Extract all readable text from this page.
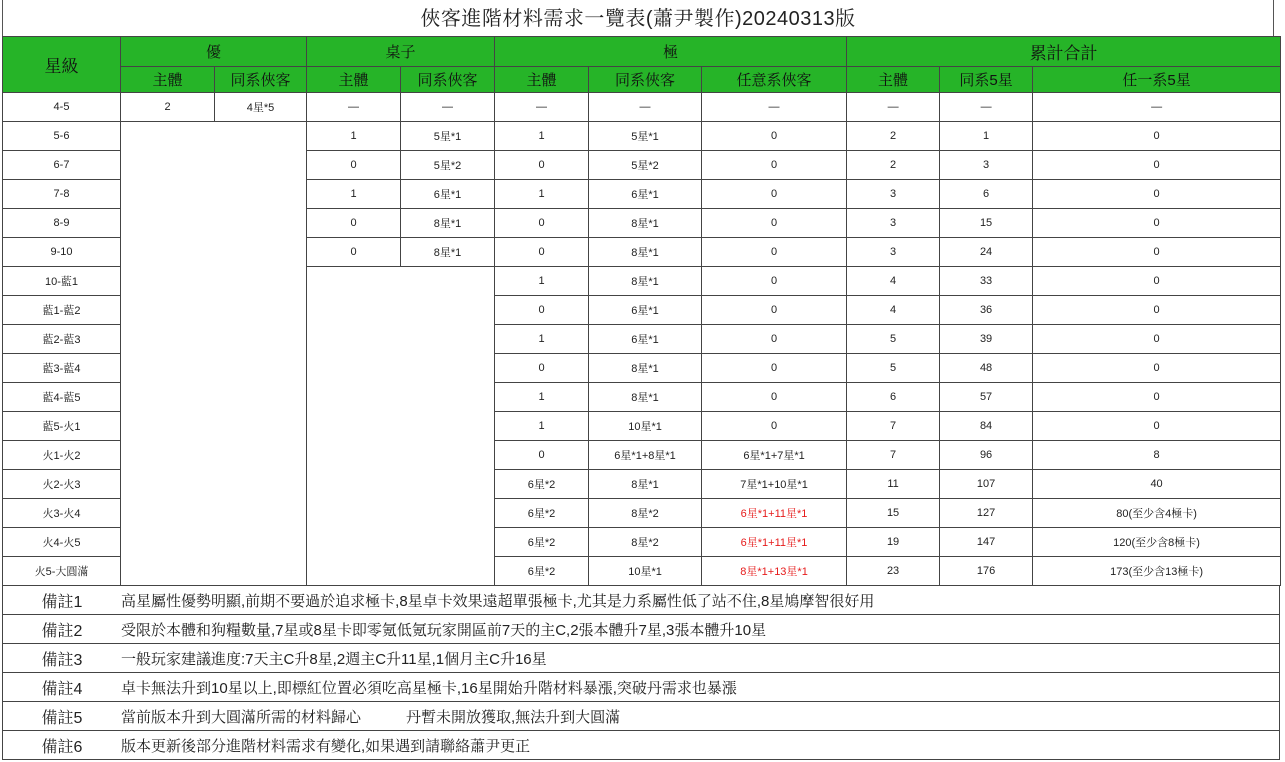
俠客進階材料需求一覽表(蕭尹製作)20240313版
星級	優		桌子		極			累計合計		
	主體	同系俠客	主體	同系俠客	主體	同系俠客	任意系俠客	主體	同系5星	任一系5星
4-5	2	4星*5	—	—	—	—	—	—	—	—
5-6			1	5星*1	1	5星*1	0	2	1	0
6-7			0	5星*2	0	5星*2	0	2	3	0
7-8			1	6星*1	1	6星*1	0	3	6	0
8-9			0	8星*1	0	8星*1	0	3	15	0
9-10			0	8星*1	0	8星*1	0	3	24	0
10-藍1					1	8星*1	0	4	33	0
藍1-藍2					0	6星*1	0	4	36	0
藍2-藍3					1	6星*1	0	5	39	0
藍3-藍4					0	8星*1	0	5	48	0
藍4-藍5					1	8星*1	0	6	57	0
藍5-火1					1	10星*1	0	7	84	0
火1-火2					0	6星*1+8星*1	6星*1+7星*1	7	96	8
火2-火3					6星*2	8星*1	7星*1+10星*1	11	107	40
火3-火4					6星*2	8星*2	6星*1+11星*1	15	127	80(至少含4極卡)
火4-火5					6星*2	8星*2	6星*1+11星*1	19	147	120(至少含8極卡)
火5-大圓滿					6星*2	10星*1	8星*1+13星*1	23	176	173(至少含13極卡)
備註1	高星屬性優勢明顯,前期不要過於追求極卡,8星卓卡效果遠超單張極卡,尤其是力系屬性低了站不住,8星鳩摩智很好用
備註2	受限於本體和狗糧數量,7星或8星卡即零氪低氪玩家開區前7天的主C,2張本體升7星,3張本體升10星
備註3	一般玩家建議進度:7天主C升8星,2週主C升11星,1個月主C升16星
備註4	卓卡無法升到10星以上,即標紅位置必須吃高星極卡,16星開始升階材料暴漲,突破丹需求也暴漲
備註5	當前版本升到大圓滿所需的材料歸心　　　丹暫未開放獲取,無法升到大圓滿
備註6	版本更新後部分進階材料需求有變化,如果遇到請聯絡蕭尹更正
